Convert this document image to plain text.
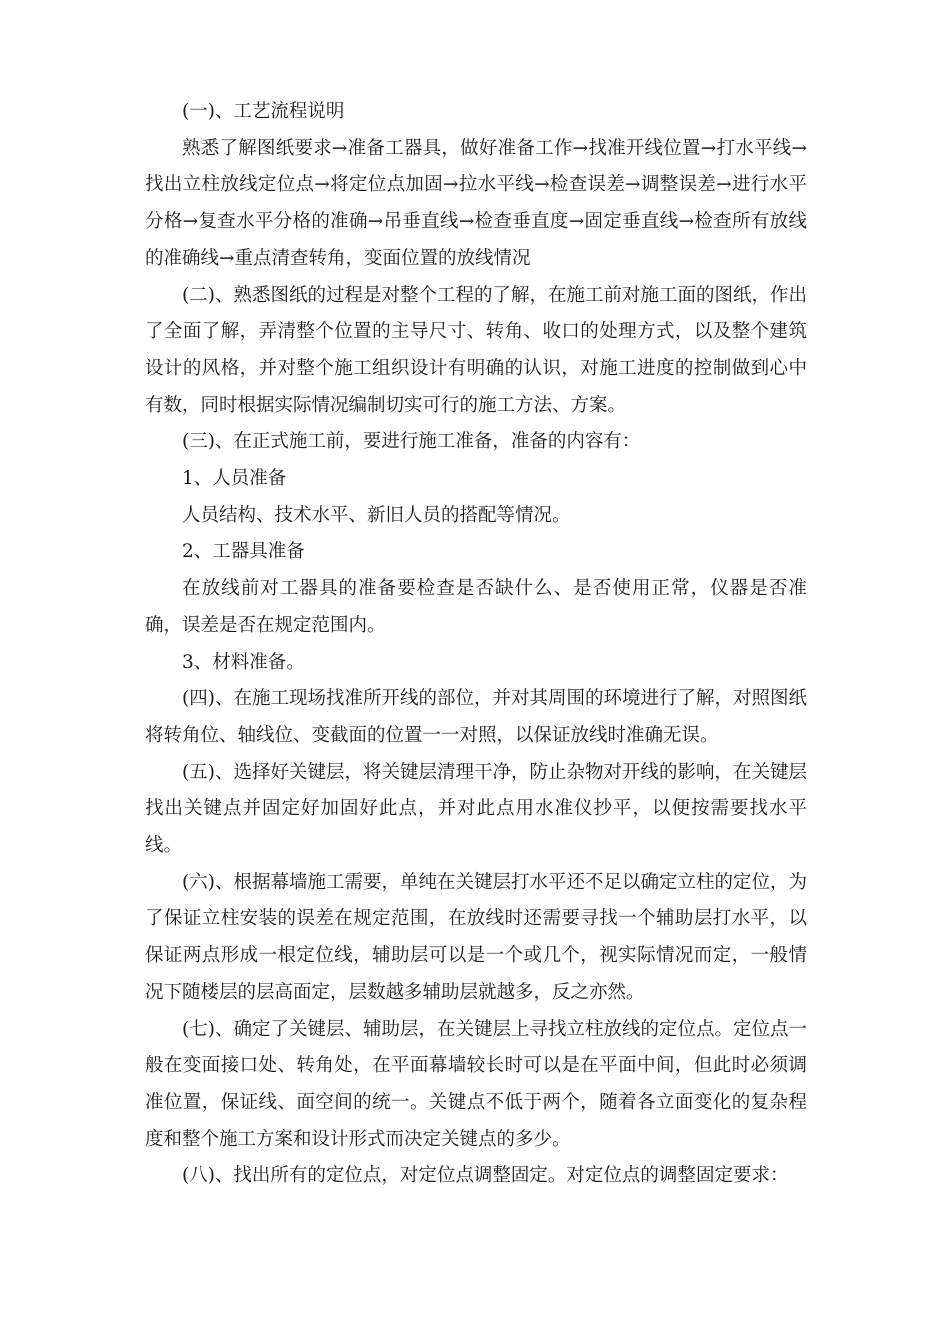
(一)、工艺流程说明

熟悉了解图纸要求→准备工器具，做好准备工作→找准开线位置→打水平线→找出立柱放线定位点→将定位点加固→拉水平线→检查误差→调整误差→进行水平分格→复查水平分格的准确→吊垂直线→检查垂直度→固定垂直线→检查所有放线的准确线→重点清查转角，变面位置的放线情况

(二)、熟悉图纸的过程是对整个工程的了解，在施工前对施工面的图纸，作出了全面了解，弄清整个位置的主导尺寸、转角、收口的处理方式，以及整个建筑设计的风格，并对整个施工组织设计有明确的认识，对施工进度的控制做到心中有数，同时根据实际情况编制切实可行的施工方法、方案。

(三)、在正式施工前，要进行施工准备，准备的内容有：

1、人员准备

人员结构、技术水平、新旧人员的搭配等情况。

2、工器具准备

在放线前对工器具的准备要检查是否缺什么、是否使用正常，仪器是否准确，误差是否在规定范围内。

3、材料准备。

(四)、在施工现场找准所开线的部位，并对其周围的环境进行了解，对照图纸将转角位、轴线位、变截面的位置一一对照，以保证放线时准确无误。

(五)、选择好关键层，将关键层清理干净，防止杂物对开线的影响，在关键层找出关键点并固定好加固好此点，并对此点用水准仪抄平，以便按需要找水平线。

(六)、根据幕墙施工需要，单纯在关键层打水平还不足以确定立柱的定位，为了保证立柱安装的误差在规定范围，在放线时还需要寻找一个辅助层打水平，以保证两点形成一根定位线，辅助层可以是一个或几个，视实际情况而定，一般情况下随楼层的层高面定，层数越多辅助层就越多，反之亦然。

(七)、确定了关键层、辅助层，在关键层上寻找立柱放线的定位点。定位点一般在变面接口处、转角处，在平面幕墙较长时可以是在平面中间，但此时必须调准位置，保证线、面空间的统一。关键点不低于两个，随着各立面变化的复杂程度和整个施工方案和设计形式而决定关键点的多少。

(八)、找出所有的定位点，对定位点调整固定。对定位点的调整固定要求：
